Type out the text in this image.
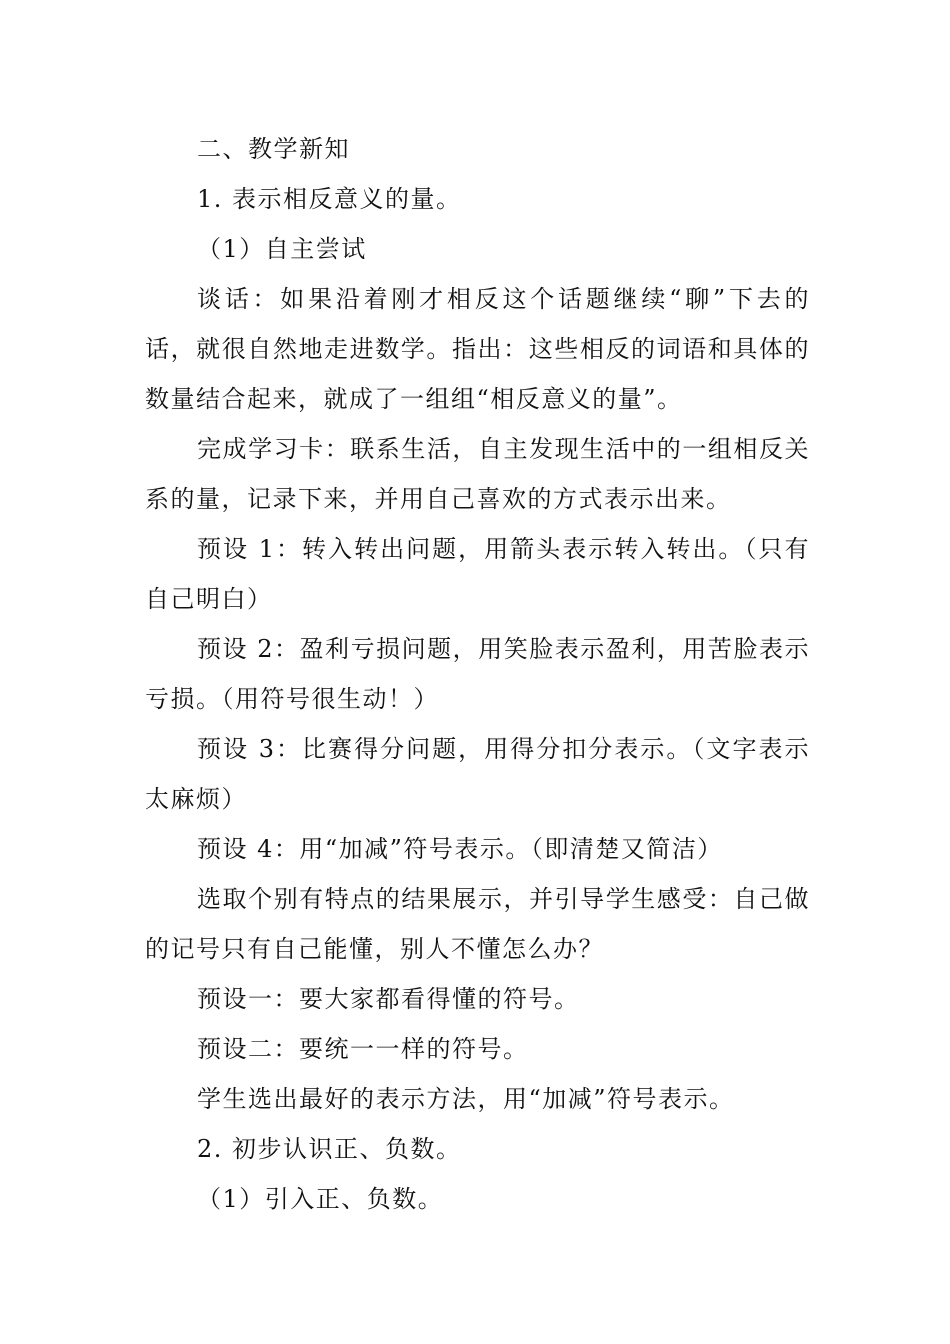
二、教学新知

1. 表示相反意义的量。

（1）自主尝试

谈话：如果沿着刚才相反这个话题继续“聊”下去的话，就很自然地走进数学。指出：这些相反的词语和具体的数量结合起来，就成了一组组“相反意义的量”。

完成学习卡：联系生活，自主发现生活中的一组相反关系的量，记录下来，并用自己喜欢的方式表示出来。

预设 1：转入转出问题，用箭头表示转入转出。（只有自己明白）

预设 2：盈利亏损问题，用笑脸表示盈利，用苦脸表示亏损。（用符号很生动！）

预设 3：比赛得分问题，用得分扣分表示。（文字表示太麻烦）

预设 4：用“加减”符号表示。（即清楚又简洁）

选取个别有特点的结果展示，并引导学生感受：自己做的记号只有自己能懂，别人不懂怎么办？

预设一：要大家都看得懂的符号。

预设二：要统一一样的符号。

学生选出最好的表示方法，用“加减”符号表示。

2. 初步认识正、负数。

（1）引入正、负数。
